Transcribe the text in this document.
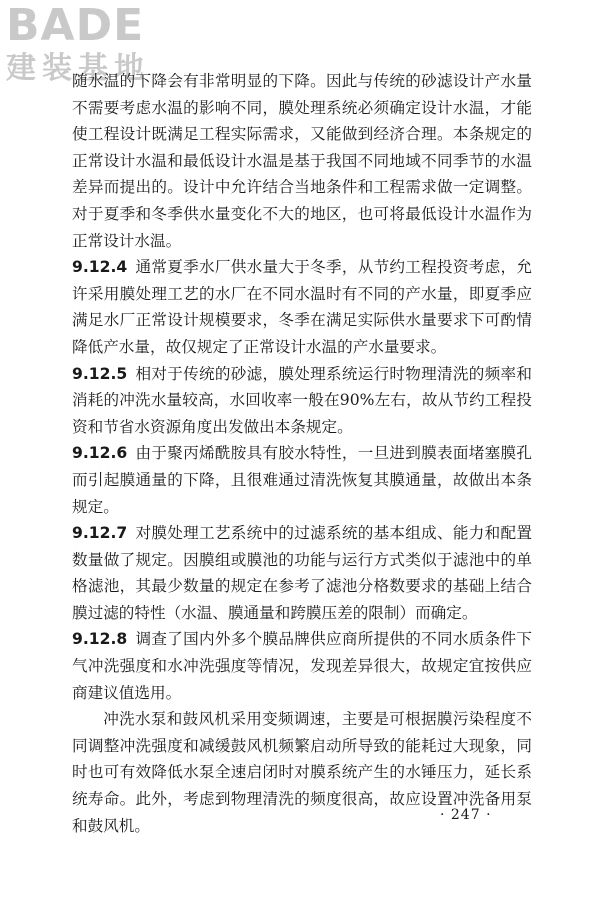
BADE
建装基地

随水温的下降会有非常明显的下降。因此与传统的砂滤设计产水量不需要考虑水温的影响不同，膜处理系统必须确定设计水温，才能使工程设计既满足工程实际需求，又能做到经济合理。本条规定的正常设计水温和最低设计水温是基于我国不同地域不同季节的水温差异而提出的。设计中允许结合当地条件和工程需求做一定调整。对于夏季和冬季供水量变化不大的地区，也可将最低设计水温作为正常设计水温。

9.12.4 通常夏季水厂供水量大于冬季，从节约工程投资考虑，允许采用膜处理工艺的水厂在不同水温时有不同的产水量，即夏季应满足水厂正常设计规模要求，冬季在满足实际供水量要求下可酌情降低产水量，故仅规定了正常设计水温的产水量要求。

9.12.5 相对于传统的砂滤，膜处理系统运行时物理清洗的频率和消耗的冲洗水量较高，水回收率一般在90%左右，故从节约工程投资和节省水资源角度出发做出本条规定。

9.12.6 由于聚丙烯酰胺具有胶水特性，一旦进到膜表面堵塞膜孔而引起膜通量的下降，且很难通过清洗恢复其膜通量，故做出本条规定。

9.12.7 对膜处理工艺系统中的过滤系统的基本组成、能力和配置数量做了规定。因膜组或膜池的功能与运行方式类似于滤池中的单格滤池，其最少数量的规定在参考了滤池分格数要求的基础上结合膜过滤的特性（水温、膜通量和跨膜压差的限制）而确定。

9.12.8 调查了国内外多个膜品牌供应商所提供的不同水质条件下气冲洗强度和水冲洗强度等情况，发现差异很大，故规定宜按供应商建议值选用。

冲洗水泵和鼓风机采用变频调速，主要是可根据膜污染程度不同调整冲洗强度和减缓鼓风机频繁启动所导致的能耗过大现象，同时也可有效降低水泵全速启闭时对膜系统产生的水锤压力，延长系统寿命。此外，考虑到物理清洗的频度很高，故应设置冲洗备用泵和鼓风机。

· 247 ·
